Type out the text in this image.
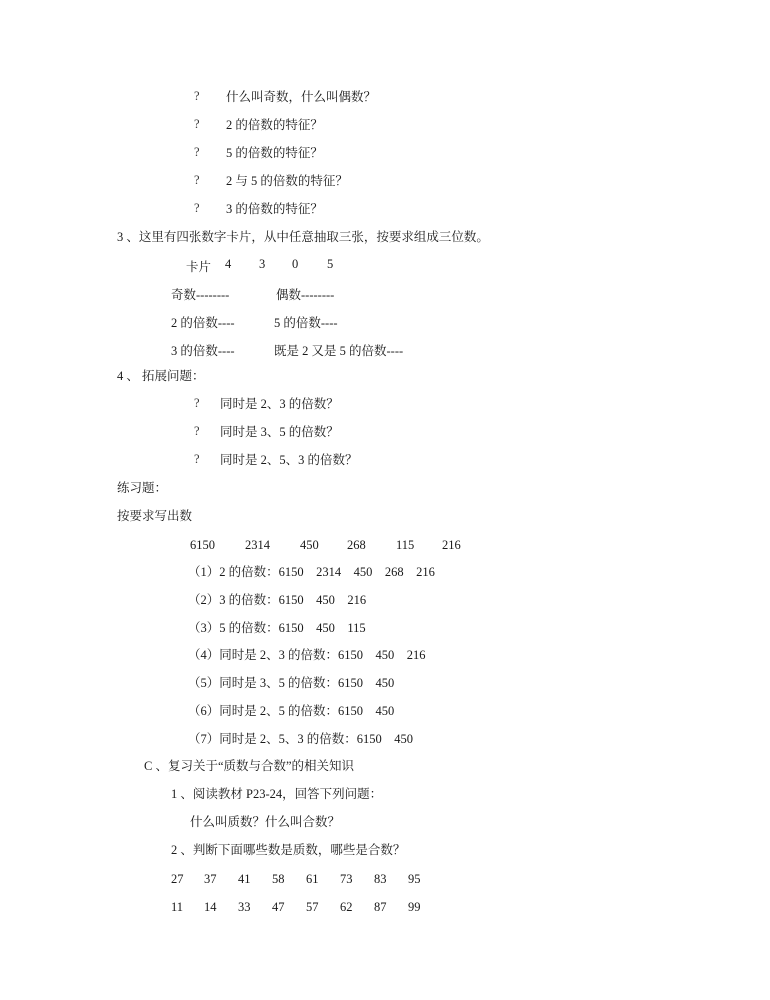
? 什么叫奇数，什么叫偶数？
? 2 的倍数的特征？
? 5 的倍数的特征？
? 2 与 5 的倍数的特征？
? 3 的倍数的特征？
3 、这里有四张数字卡片，从中任意抽取三张，按要求组成三位数。
卡片 4 3 0 5
奇数--------	偶数--------
2 的倍数----	5 的倍数----
3 的倍数----	既是 2 又是 5 的倍数----
4 、 拓展问题：
? 同时是 2、3 的倍数？
? 同时是 3、5 的倍数？
? 同时是 2、5、3 的倍数？
练习题：
按要求写出数
6150 2314 450 268 115 216
（1）2 的倍数：6150    2314    450    268    216
（2）3 的倍数：6150    450    216
（3）5 的倍数：6150    450    115
（4）同时是 2、3 的倍数：6150    450    216
（5）同时是 3、5 的倍数：6150    450
（6）同时是 2、5 的倍数：6150    450
（7）同时是 2、5、3 的倍数：6150    450
C 、复习关于“质数与合数”的相关知识
1 、阅读教材 P23-24，回答下列问题：
什么叫质数？什么叫合数？
2 、判断下面哪些数是质数，哪些是合数？
27 37 41 58 61 73 83 95
11 14 33 47 57 62 87 99
